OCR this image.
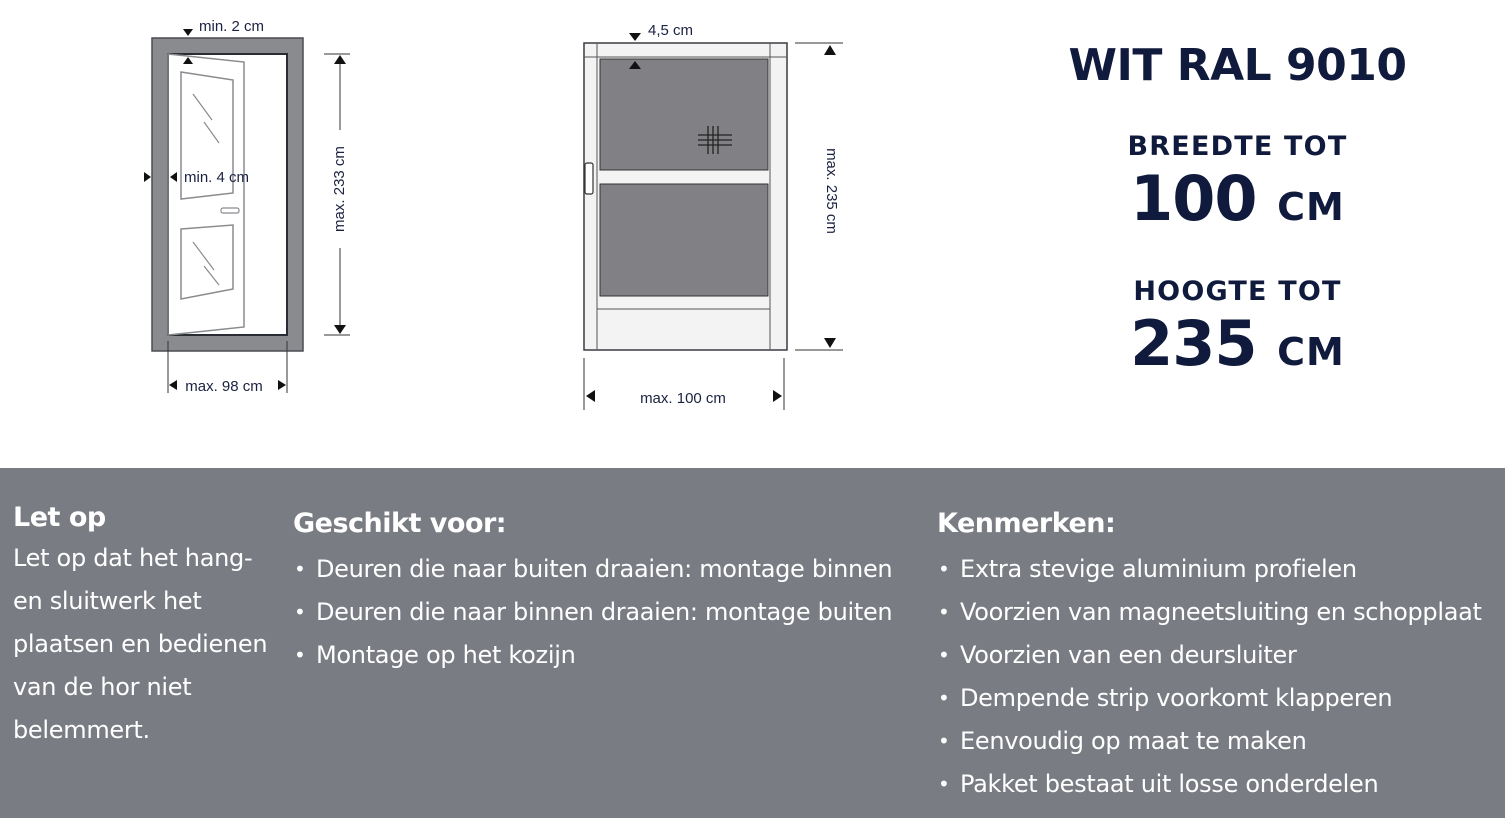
min. 2 cm
min. 4 cm	max. 233 cm
max. 98 cm
4,5 cm
max. 235 cm
max. 100 cm
WIT RAL 9010
BREEDTE TOT
100 CM
HOOGTE TOT
235 CM
Let op

Let op dat het hang- en sluitwerk het plaatsen en bedienen van de hor niet belemmert.

Geschikt voor:
• Deuren die naar buiten draaien: montage binnen
• Deuren die naar binnen draaien: montage buiten
• Montage op het kozijn
Kenmerken:
• Extra stevige aluminium profielen
• Voorzien van magneetsluiting en schopplaat
• Voorzien van een deursluiter
• Dempende strip voorkomt klapperen
• Eenvoudig op maat te maken
• Pakket bestaat uit losse onderdelen
